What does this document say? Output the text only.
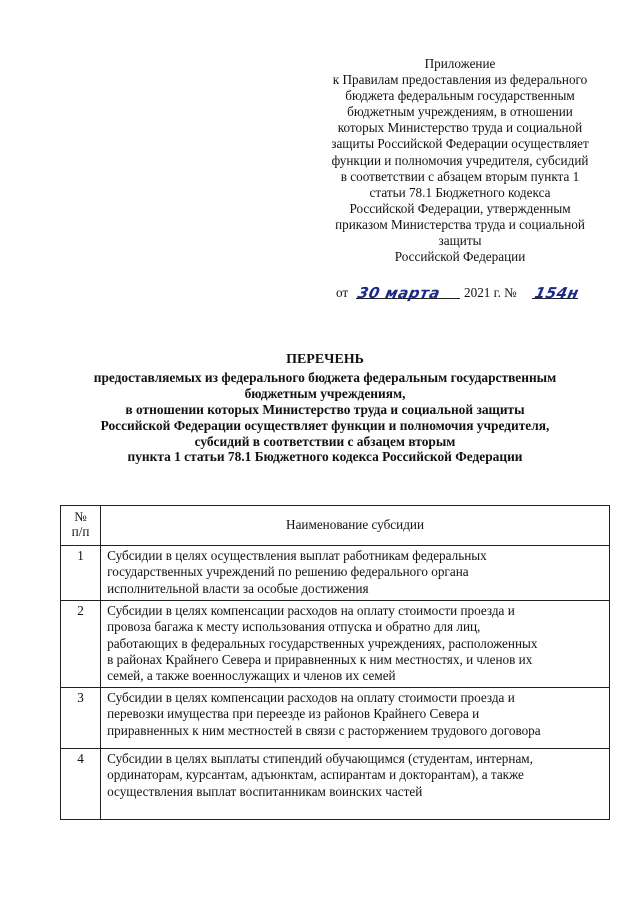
Приложение
к Правилам предоставления из федерального
бюджета федеральным государственным
бюджетным учреждениям, в отношении
которых Министерство труда и социальной
защиты Российской Федерации осуществляет
функции и полномочия учредителя, субсидий
в соответствии с абзацем вторым пункта 1
статьи 78.1 Бюджетного кодекса
Российской Федерации, утвержденным
приказом Министерства труда и социальной
защиты
Российской Федерации
от 30 марта 2021 г. № 154н
ПЕРЕЧЕНЬ
предоставляемых из федерального бюджета федеральным государственным
бюджетным учреждениям,
в отношении которых Министерство труда и социальной защиты
Российской Федерации осуществляет функции и полномочия учредителя,
субсидий в соответствии с абзацем вторым
пункта 1 статьи 78.1 Бюджетного кодекса Российской Федерации
№
п/п	Наименование субсидии
1	Субсидии в целях осуществления выплат работникам федеральных
государственных учреждений по решению федерального органа
исполнительной власти за особые достижения

2	Субсидии в целях компенсации расходов на оплату стоимости проезда и
провоза багажа к месту использования отпуска и обратно для лиц,
работающих в федеральных государственных учреждениях, расположенных
в районах Крайнего Севера и приравненных к ним местностях, и членов их
семей, а также военнослужащих и членов их семей

3	Субсидии в целях компенсации расходов на оплату стоимости проезда и
перевозки имущества при переезде из районов Крайнего Севера и
приравненных к ним местностей в связи с расторжением трудового договора

4	Субсидии в целях выплаты стипендий обучающимся (студентам, интернам,
ординаторам, курсантам, адъюнктам, аспирантам и докторантам), а также
осуществления выплат воспитанникам воинских частей
